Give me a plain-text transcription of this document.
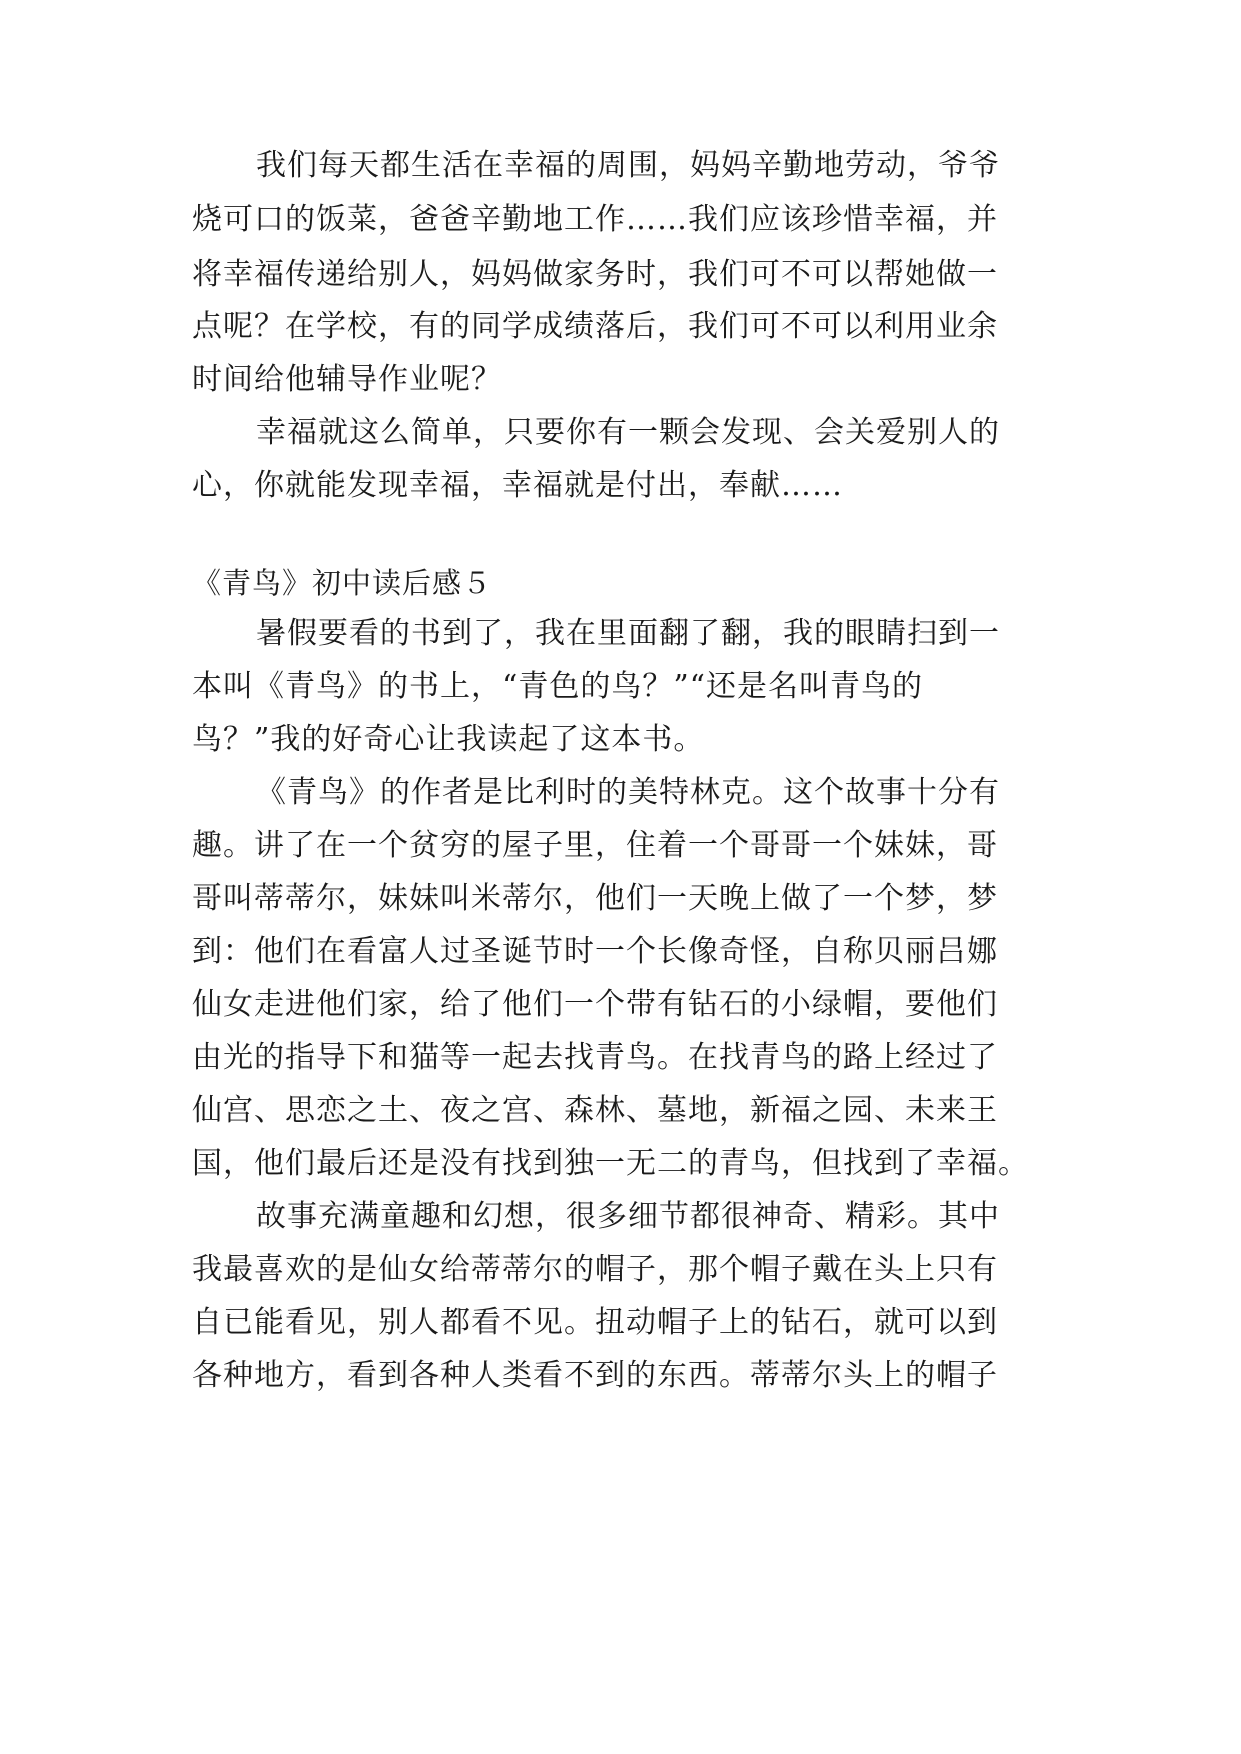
我们每天都生活在幸福的周围，妈妈辛勤地劳动，爷爷
烧可口的饭菜，爸爸辛勤地工作……我们应该珍惜幸福，并
将幸福传递给别人，妈妈做家务时，我们可不可以帮她做一
点呢？在学校，有的同学成绩落后，我们可不可以利用业余
时间给他辅导作业呢？
幸福就这么简单，只要你有一颗会发现、会关爱别人的
心，你就能发现幸福，幸福就是付出，奉献……
《青鸟》初中读后感５
暑假要看的书到了，我在里面翻了翻，我的眼睛扫到一
本叫《青鸟》的书上，“青色的鸟？”“还是名叫青鸟的
鸟？”我的好奇心让我读起了这本书。
《青鸟》的作者是比利时的美特林克。这个故事十分有
趣。讲了在一个贫穷的屋子里，住着一个哥哥一个妹妹，哥
哥叫蒂蒂尔，妹妹叫米蒂尔，他们一天晚上做了一个梦，梦
到：他们在看富人过圣诞节时一个长像奇怪，自称贝丽吕娜
仙女走进他们家，给了他们一个带有钻石的小绿帽，要他们
由光的指导下和猫等一起去找青鸟。在找青鸟的路上经过了
仙宫、思恋之土、夜之宫、森林、墓地，新福之园、未来王
国，他们最后还是没有找到独一无二的青鸟，但找到了幸福。
故事充满童趣和幻想，很多细节都很神奇、精彩。其中
我最喜欢的是仙女给蒂蒂尔的帽子，那个帽子戴在头上只有
自已能看见，别人都看不见。扭动帽子上的钻石，就可以到
各种地方，看到各种人类看不到的东西。蒂蒂尔头上的帽子
